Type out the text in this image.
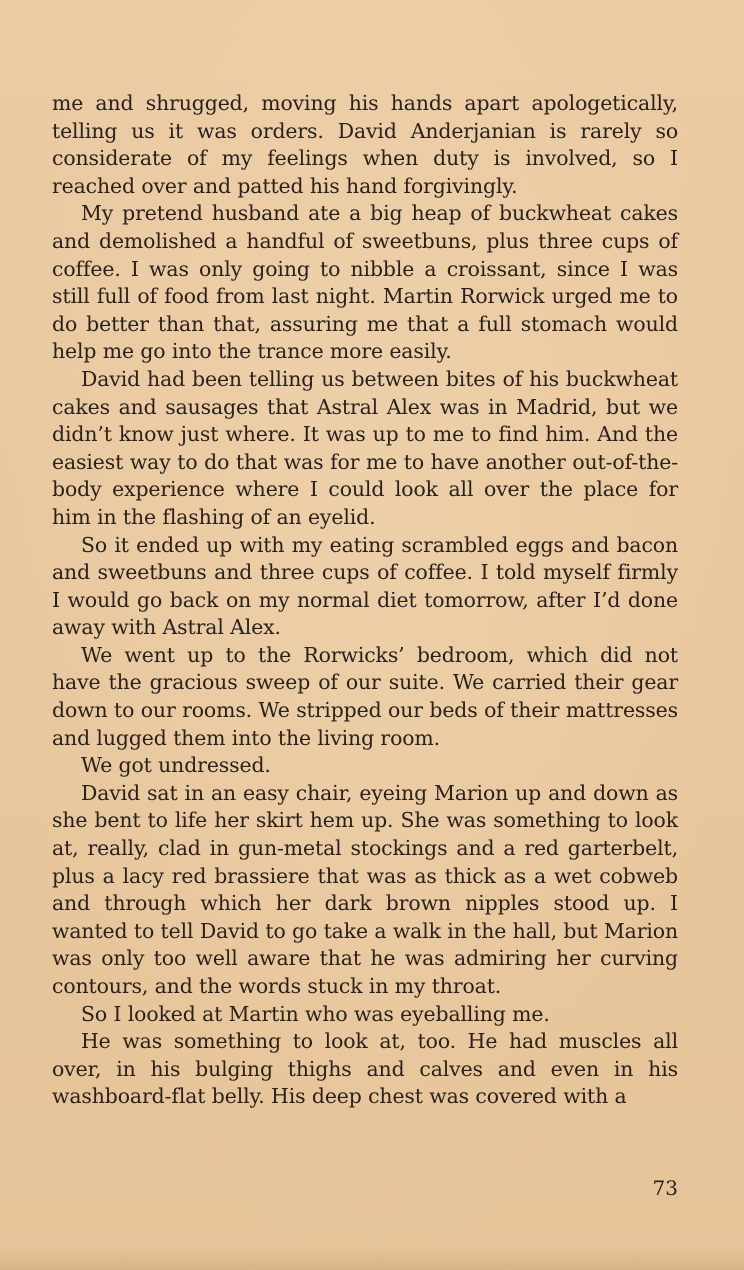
me and shrugged, moving his hands apart apologetically, telling us it was orders. David Anderjanian is rarely so considerate of my feelings when duty is involved, so I reached over and patted his hand forgivingly.

My pretend husband ate a big heap of buckwheat cakes and demolished a handful of sweetbuns, plus three cups of coffee. I was only going to nibble a croissant, since I was still full of food from last night. Martin Rorwick urged me to do better than that, assuring me that a full stomach would help me go into the trance more easily.

David had been telling us between bites of his buckwheat cakes and sausages that Astral Alex was in Madrid, but we didn’t know just where. It was up to me to find him. And the easiest way to do that was for me to have another out-of-the-body experience where I could look all over the place for him in the flashing of an eyelid.

So it ended up with my eating scrambled eggs and bacon and sweetbuns and three cups of coffee. I told myself firmly I would go back on my normal diet tomorrow, after I’d done away with Astral Alex.

We went up to the Rorwicks’ bedroom, which did not have the gracious sweep of our suite. We carried their gear down to our rooms. We stripped our beds of their mattresses and lugged them into the living room.

We got undressed.

David sat in an easy chair, eyeing Marion up and down as she bent to life her skirt hem up. She was something to look at, really, clad in gun-metal stockings and a red garterbelt, plus a lacy red brassiere that was as thick as a wet cobweb and through which her dark brown nipples stood up. I wanted to tell David to go take a walk in the hall, but Marion was only too well aware that he was admiring her curving contours, and the words stuck in my throat.

So I looked at Martin who was eyeballing me.

He was something to look at, too. He had muscles all over, in his bulging thighs and calves and even in his washboard-flat belly. His deep chest was covered with a

73
